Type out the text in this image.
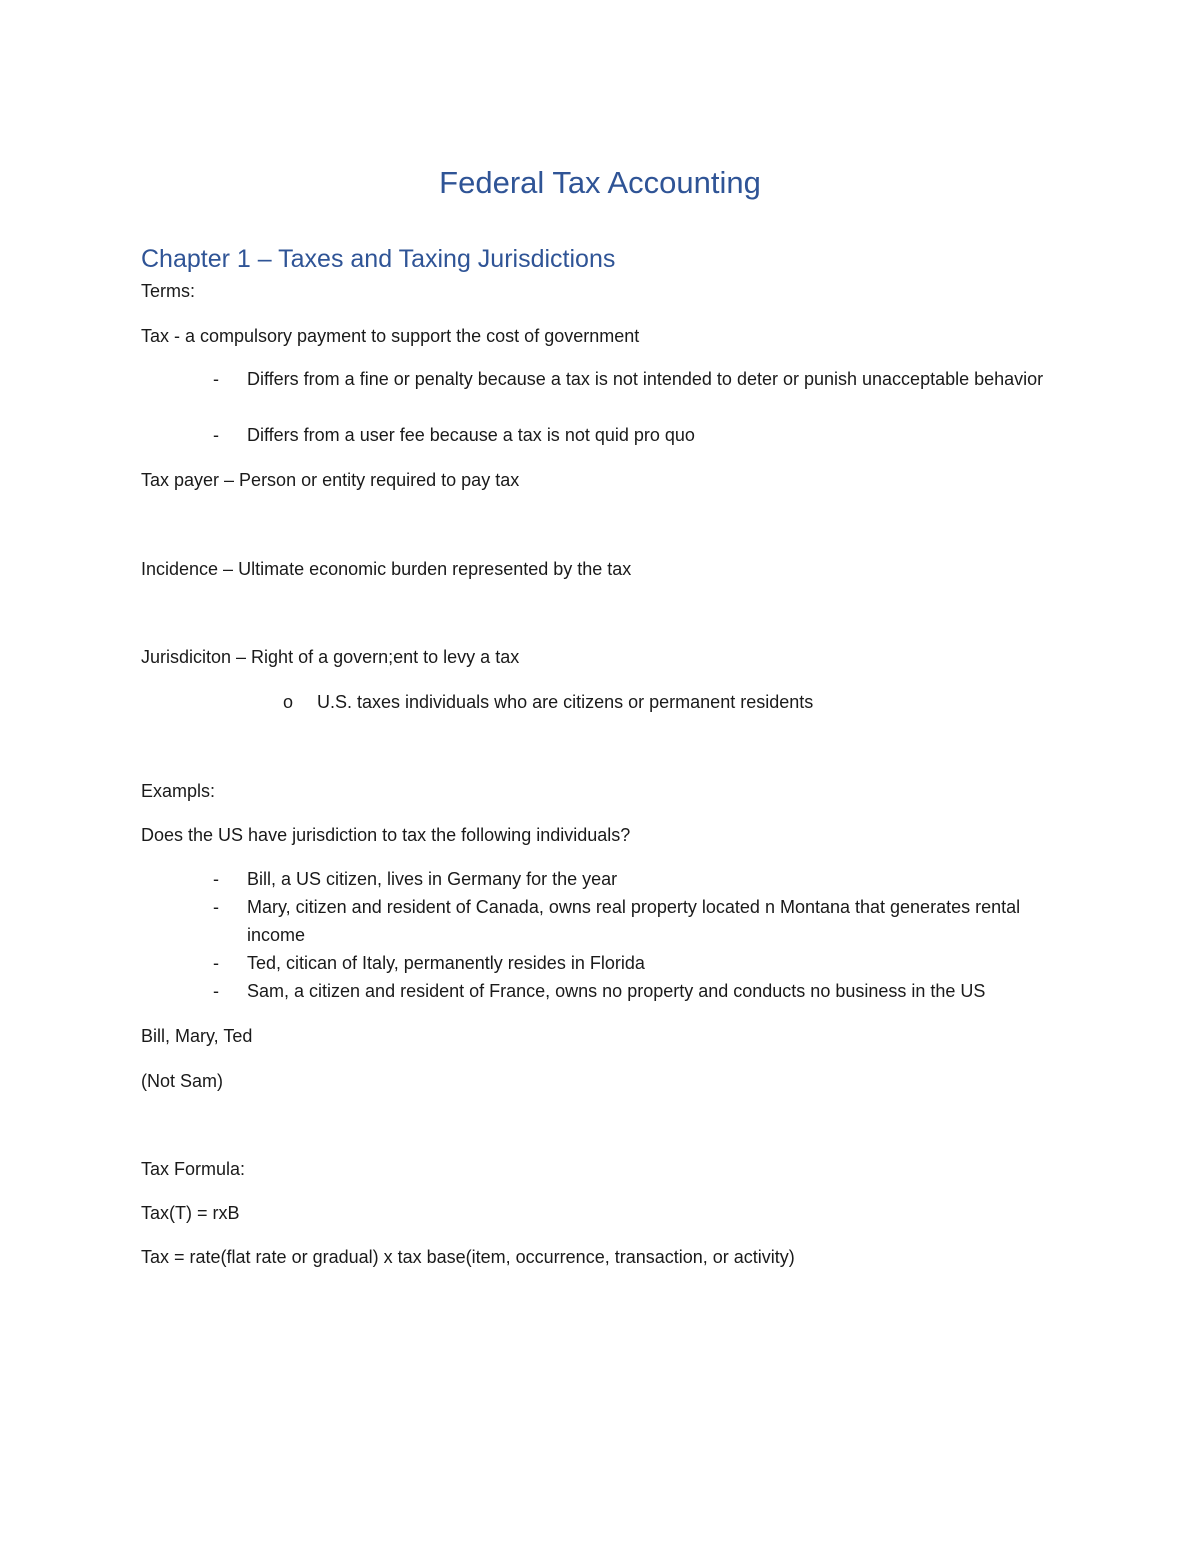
Federal Tax Accounting
Chapter 1 – Taxes and Taxing Jurisdictions
Terms:
Tax - a compulsory payment to support the cost of government
-	Differs from a fine or penalty because a tax is not intended to deter or punish unacceptable behavior
-	Differs from a user fee because a tax is not quid pro quo
Tax payer – Person or entity required to pay tax
Incidence – Ultimate economic burden represented by the tax
Jurisdiciton – Right of a govern;ent to levy a tax
o	U.S. taxes individuals who are citizens or permanent residents
Exampls:
Does the US have jurisdiction to tax the following individuals?
-	Bill, a US citizen, lives in Germany for the year
-	Mary, citizen and resident of Canada, owns real property located n Montana that generates rental income
-	Ted, citican of Italy, permanently resides in Florida
-	Sam, a citizen and resident of France, owns no property and conducts no business in the US
Bill, Mary, Ted
(Not Sam)
Tax Formula:
Tax(T) = rxB
Tax = rate(flat rate or gradual) x tax base(item, occurrence, transaction, or activity)
